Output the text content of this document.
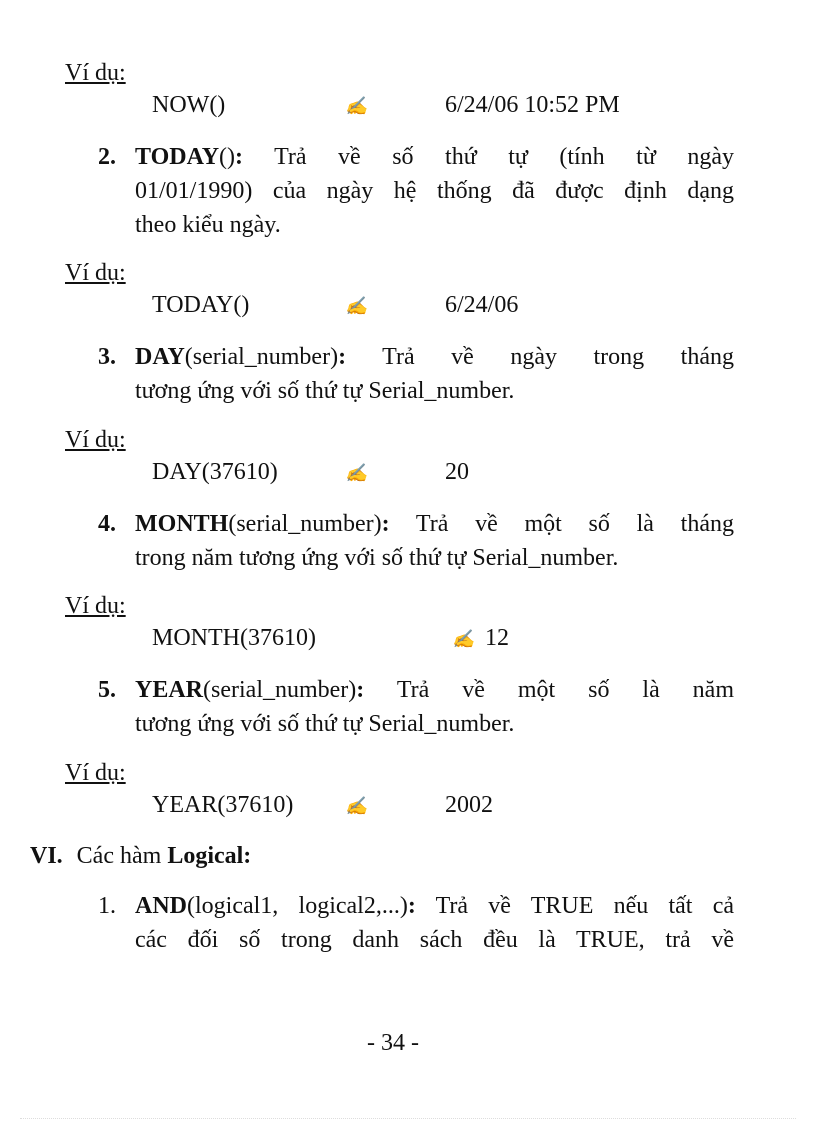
Ví dụ:
NOW()	✍	6/24/06 10:52 PM
2. TODAY(): Trả về số thứ tự (tính từ ngày
01/01/1990) của ngày hệ thống đã được định dạng
theo kiểu ngày.
Ví dụ:
TODAY()	✍	6/24/06
3. DAY(serial_number): Trả về ngày trong tháng
tương ứng với số thứ tự Serial_number.
Ví dụ:
DAY(37610)	✍	20
4. MONTH(serial_number): Trả về một số là tháng
trong năm tương ứng với số thứ tự Serial_number.
Ví dụ:
MONTH(37610)	✍ 12
5. YEAR(serial_number): Trả về một số là năm
tương ứng với số thứ tự Serial_number.
Ví dụ:
YEAR(37610)	✍	2002
VI. Các hàm Logical:
1. AND(logical1, logical2,...): Trả về TRUE nếu tất cả
các đối số trong danh sách đều là TRUE, trả về
- 34 -
